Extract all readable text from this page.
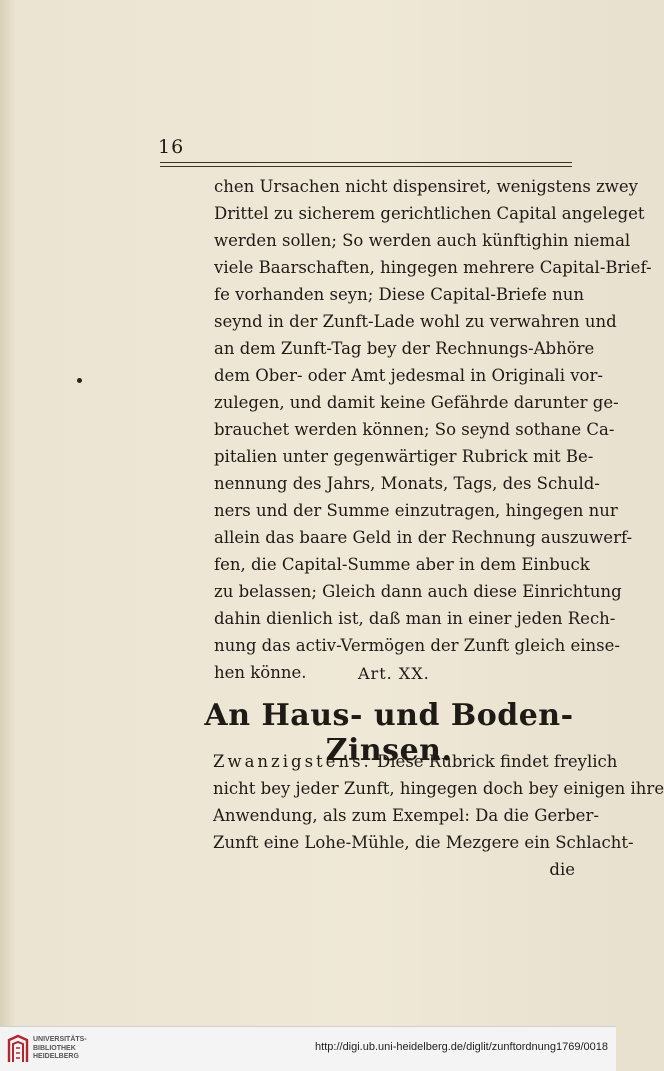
16
chen Ursachen nicht dispensiret, wenigstens zwey
Drittel zu sicherem gerichtlichen Capital angeleget
werden sollen; So werden auch künftighin niemal
viele Baarschaften, hingegen mehrere Capital-Brief-
fe vorhanden seyn; Diese Capital-Briefe nun
seynd in der Zunft-Lade wohl zu verwahren und
an dem Zunft-Tag bey der Rechnungs-Abhöre
dem Ober- oder Amt jedesmal in Originali vor-
zulegen, und damit keine Gefährde darunter ge-
brauchet werden können; So seynd sothane Ca-
pitalien unter gegenwärtiger Rubrick mit Be-
nennung des Jahrs, Monats, Tags, des Schuld-
ners und der Summe einzutragen, hingegen nur
allein das baare Geld in der Rechnung auszuwerf-
fen, die Capital-Summe aber in dem Einbuck
zu belassen; Gleich dann auch diese Einrichtung
dahin dienlich ist, daß man in einer jeden Rech-
nung das activ-Vermögen der Zunft gleich einse-
hen könne.	Art. XX.
An Haus- und Boden-Zinsen.
Zwanzigstens. Diese Rubrick findet freylich
nicht bey jeder Zunft, hingegen doch bey einigen ihre
Anwendung, als zum Exempel: Da die Gerber-
Zunft eine Lohe-Mühle, die Mezgere ein Schlacht-
die
UNIVERSITÄTS-
BIBLIOTHEK
HEIDELBERG
http://digi.ub.uni-heidelberg.de/diglit/zunftordnung1769/0018
